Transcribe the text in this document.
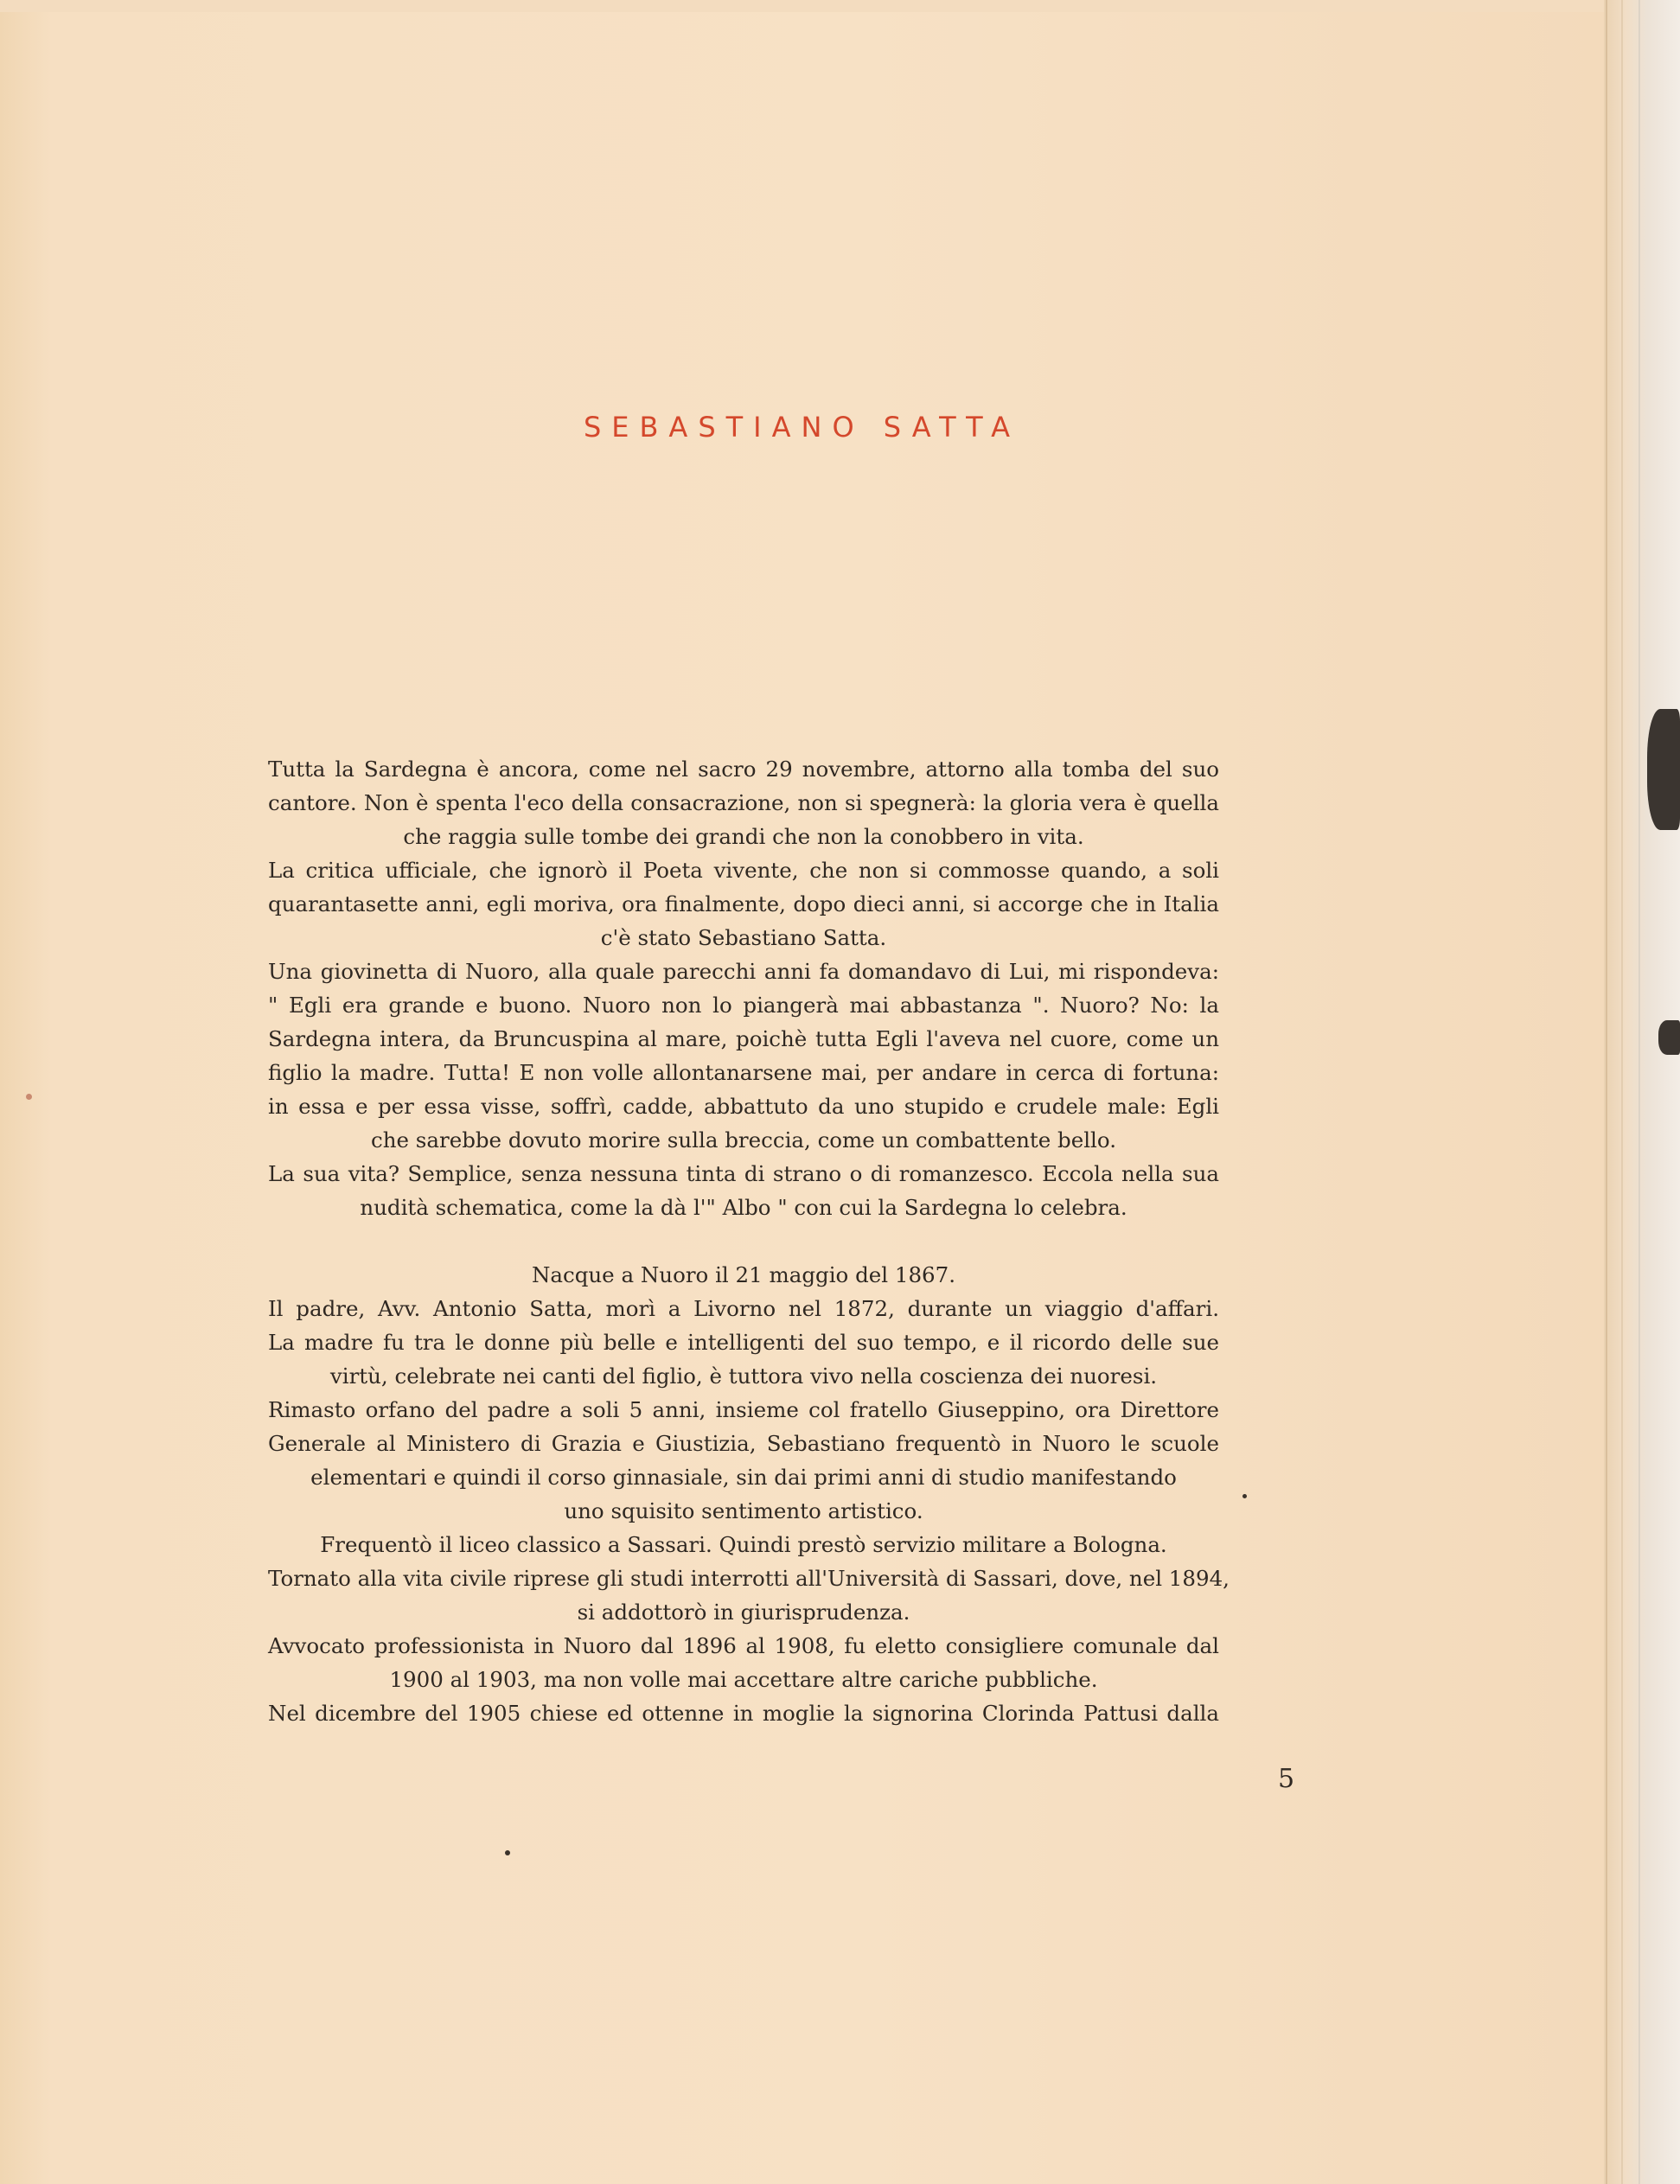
SEBASTIANO SATTA
Tutta la Sardegna è ancora, come nel sacro 29 novembre, attorno alla tomba del suo
cantore. Non è spenta l'eco della consacrazione, non si spegnerà: la gloria vera è quella
che raggia sulle tombe dei grandi che non la conobbero in vita.
La critica ufficiale, che ignorò il Poeta vivente, che non si commosse quando, a soli
quarantasette anni, egli moriva, ora finalmente, dopo dieci anni, si accorge che in Italia
c'è stato Sebastiano Satta.
Una giovinetta di Nuoro, alla quale parecchi anni fa domandavo di Lui, mi rispondeva:
" Egli era grande e buono. Nuoro non lo piangerà mai abbastanza ". Nuoro? No: la
Sardegna intera, da Bruncuspina al mare, poichè tutta Egli l'aveva nel cuore, come un
figlio la madre. Tutta! E non volle allontanarsene mai, per andare in cerca di fortuna:
in essa e per essa visse, soffrì, cadde, abbattuto da uno stupido e crudele male: Egli
che sarebbe dovuto morire sulla breccia, come un combattente bello.
La sua vita? Semplice, senza nessuna tinta di strano o di romanzesco. Eccola nella sua
nudità schematica, come la dà l'" Albo " con cui la Sardegna lo celebra.
Nacque a Nuoro il 21 maggio del 1867.
Il padre, Avv. Antonio Satta, morì a Livorno nel 1872, durante un viaggio d'affari.
La madre fu tra le donne più belle e intelligenti del suo tempo, e il ricordo delle sue
virtù, celebrate nei canti del figlio, è tuttora vivo nella coscienza dei nuoresi.
Rimasto orfano del padre a soli 5 anni, insieme col fratello Giuseppino, ora Direttore
Generale al Ministero di Grazia e Giustizia, Sebastiano frequentò in Nuoro le scuole
elementari e quindi il corso ginnasiale, sin dai primi anni di studio manifestando
uno squisito sentimento artistico.
Frequentò il liceo classico a Sassari. Quindi prestò servizio militare a Bologna.
Tornato alla vita civile riprese gli studi interrotti all'Università di Sassari, dove, nel 1894,
si addottorò in giurisprudenza.
Avvocato professionista in Nuoro dal 1896 al 1908, fu eletto consigliere comunale dal
1900 al 1903, ma non volle mai accettare altre cariche pubbliche.
Nel dicembre del 1905 chiese ed ottenne in moglie la signorina Clorinda Pattusi dalla
5
